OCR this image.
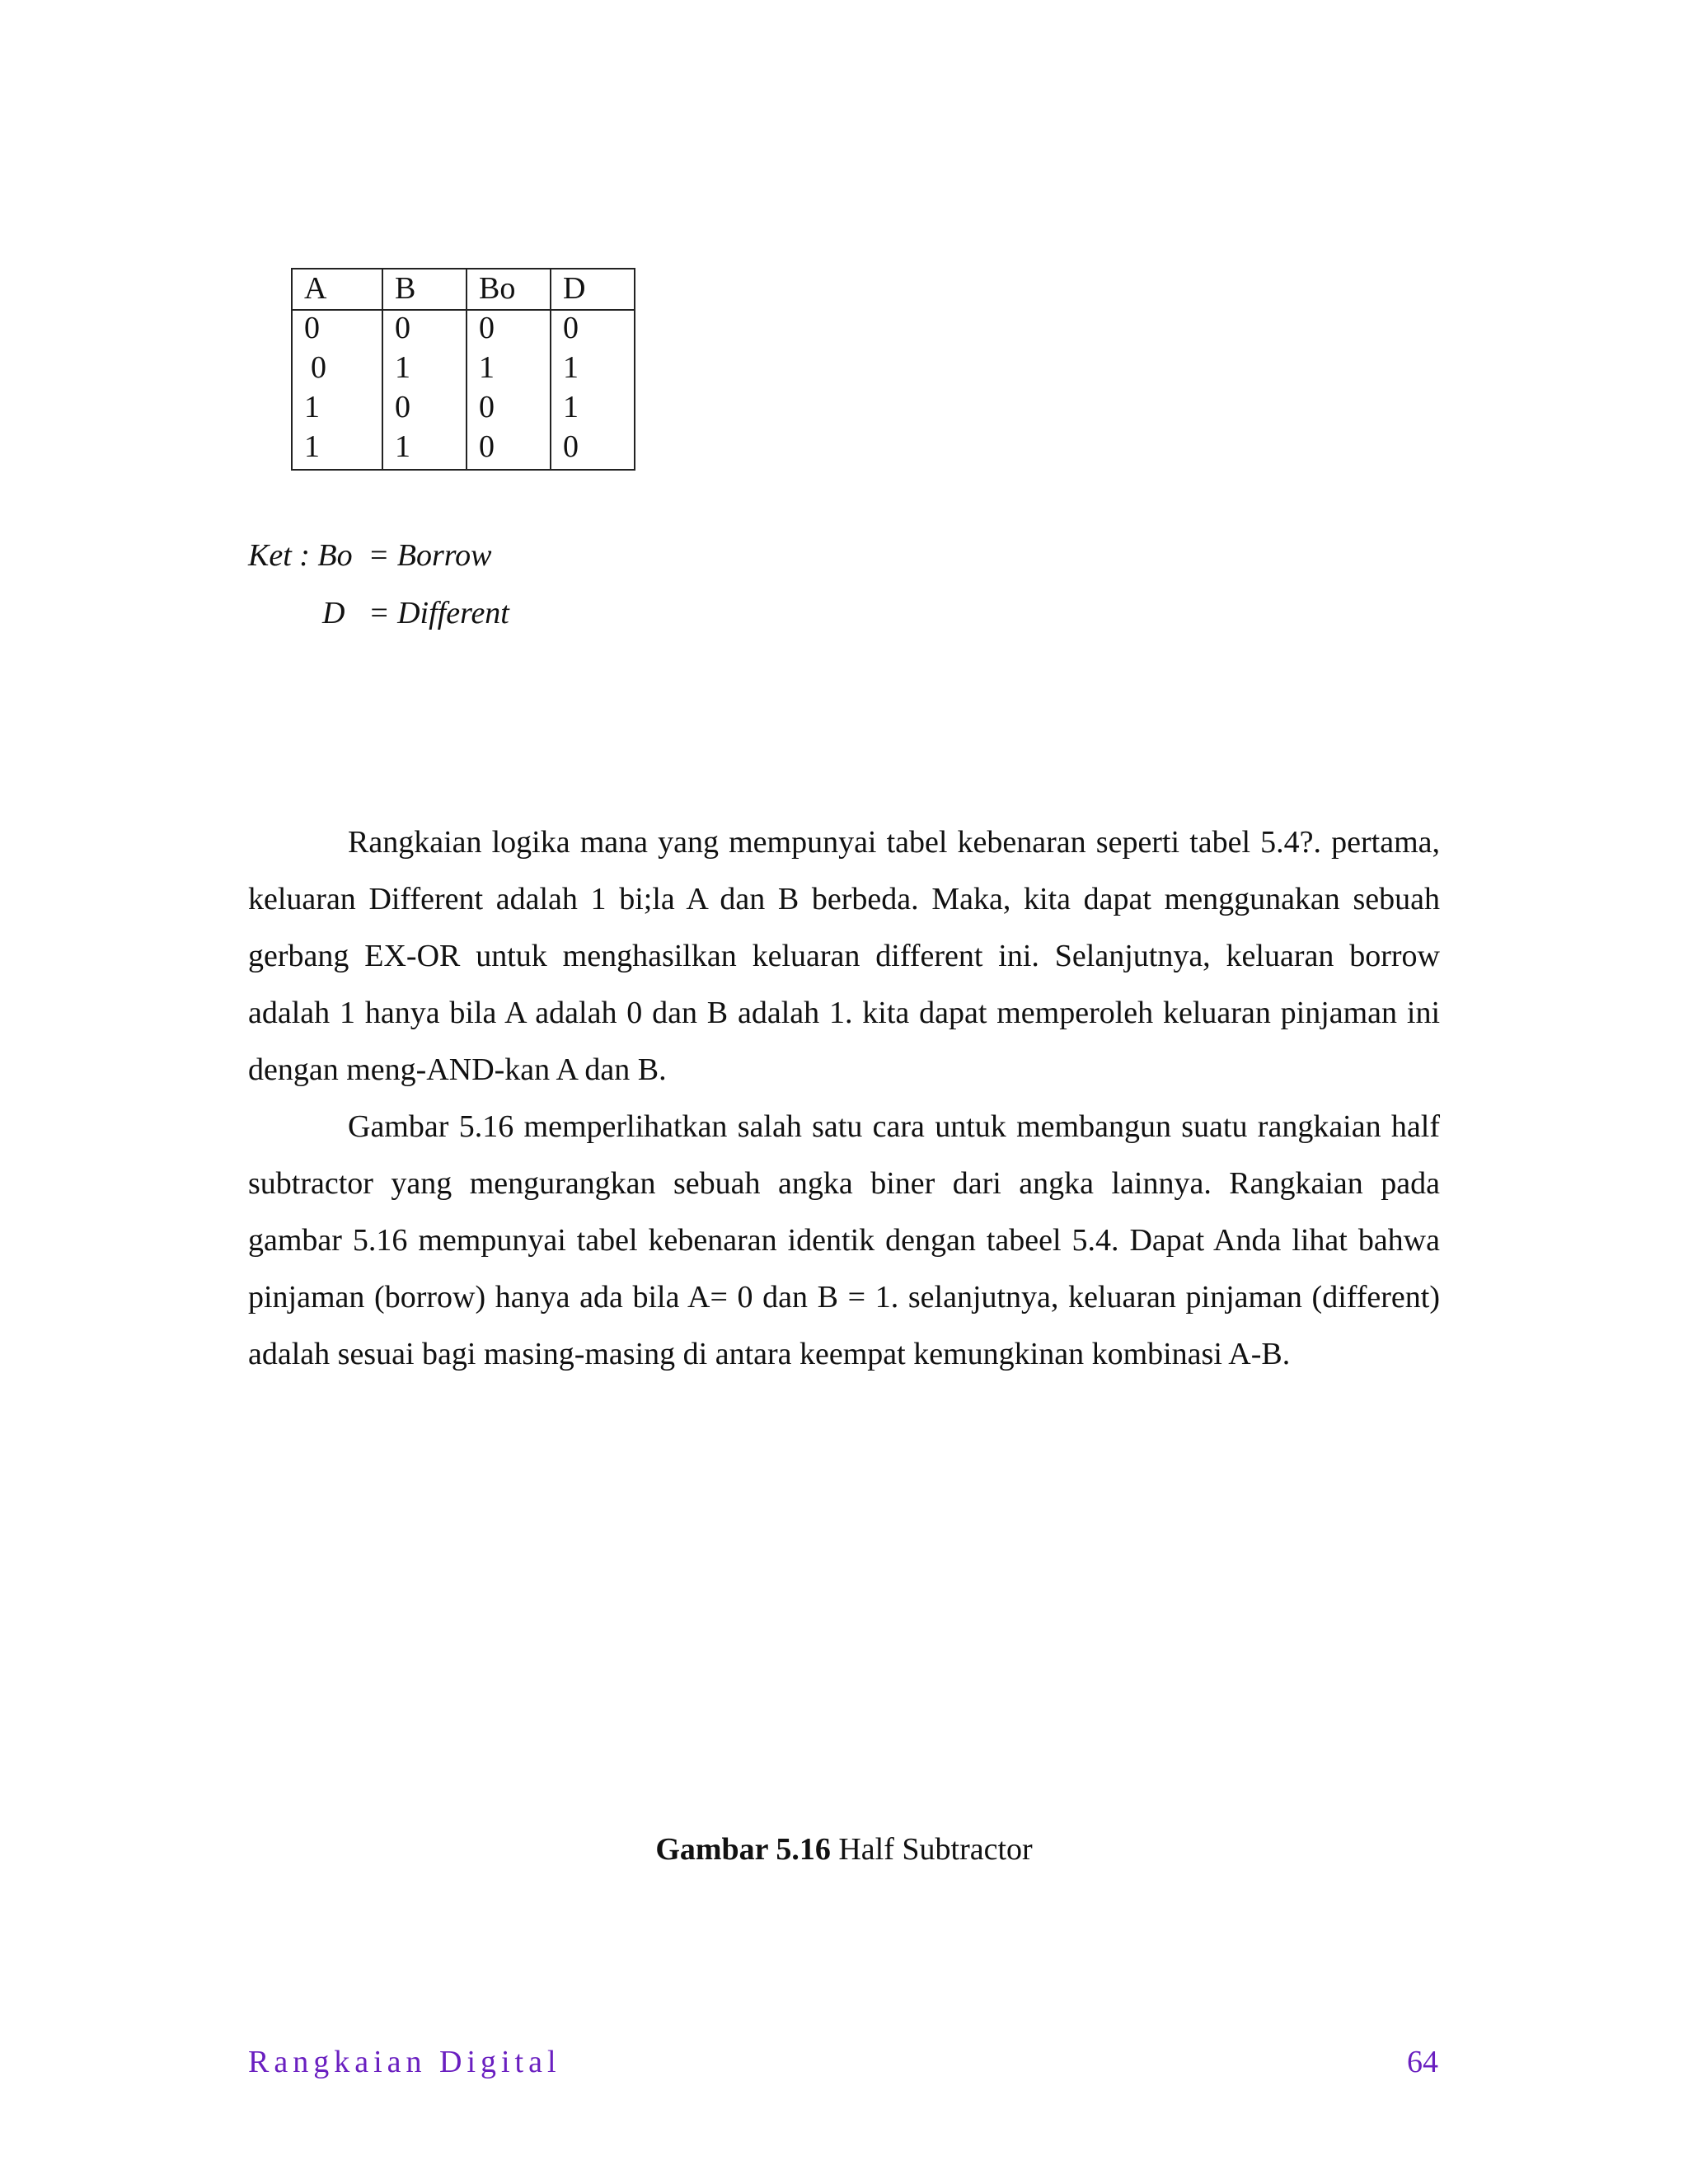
A	B	Bo	D
0	0	0	0
0	1	1	1
1	0	0	1
1	1	0	0
Ket : Bo  = Borrow
D   = Different

Rangkaian logika mana yang mempunyai tabel kebenaran seperti tabel 5.4?. pertama, keluaran Different adalah 1 bi;la A dan B berbeda. Maka, kita dapat menggunakan sebuah gerbang EX-OR untuk menghasilkan keluaran different ini. Selanjutnya, keluaran borrow adalah 1 hanya bila A adalah 0 dan B adalah 1. kita dapat memperoleh keluaran pinjaman ini dengan meng-AND-kan A dan B.

Gambar 5.16 memperlihatkan salah satu cara untuk membangun suatu rangkaian half subtractor yang mengurangkan sebuah angka biner dari angka lainnya. Rangkaian pada gambar 5.16 mempunyai tabel kebenaran identik dengan tabeel 5.4. Dapat Anda lihat bahwa pinjaman (borrow) hanya ada bila A= 0 dan B = 1. selanjutnya, keluaran pinjaman (different) adalah sesuai bagi masing-masing di antara keempat kemungkinan kombinasi A-B.

Gambar 5.16 Half Subtractor
Rangkaian Digital	64
